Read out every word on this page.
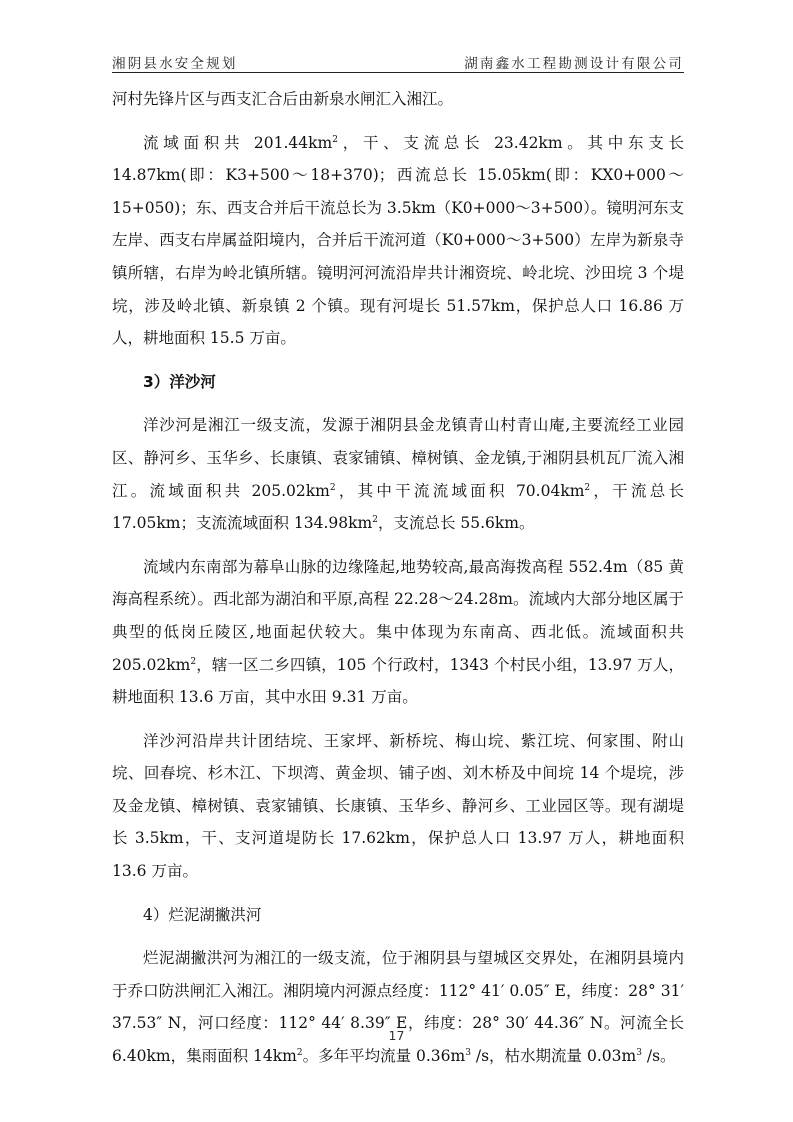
湘阴县水安全规划	湖南鑫水工程勘测设计有限公司

河村先锋片区与西支汇合后由新泉水闸汇入湘江。

流域面积共 $201.44km^2$，干、支流总长 23.42km。其中东支长 14.87km(即：K3+500～18+370)；西流总长 15.05km(即：KX0+000～15+050)；东、西支合并后干流总长为 3.5km（K0+000～3+500）。镜明河东支左岸、西支右岸属益阳境内，合并后干流河道（K0+000～3+500）左岸为新泉寺镇所辖，右岸为岭北镇所辖。镜明河河流沿岸共计湘资垸、岭北垸、沙田垸 3 个堤垸，涉及岭北镇、新泉镇 2 个镇。现有河堤长 51.57km，保护总人口 16.86 万人，耕地面积 15.5 万亩。

3）洋沙河

洋沙河是湘江一级支流，发源于湘阴县金龙镇青山村青山庵,主要流经工业园区、静河乡、玉华乡、长康镇、袁家铺镇、樟树镇、金龙镇,于湘阴县机瓦厂流入湘江。流域面积共 $205.02km^2$，其中干流流域面积 $70.04km^2$，干流总长 17.05km；支流流域面积 $134.98km^2$，支流总长 55.6km。

流域内东南部为幕阜山脉的边缘隆起,地势较高,最高海拨高程 552.4m（85 黄海高程系统）。西北部为湖泊和平原,高程 22.28～24.28m。流域内大部分地区属于典型的低岗丘陵区,地面起伏较大。集中体现为东南高、西北低。流域面积共 $205.02km^2$，辖一区二乡四镇，105 个行政村，1343 个村民小组，13.97 万人，耕地面积 13.6 万亩，其中水田 9.31 万亩。

洋沙河沿岸共计团结垸、王家坪、新桥垸、梅山垸、紫江垸、何家围、附山垸、回春垸、杉木江、下坝湾、黄金坝、铺子凼、刘木桥及中间垸 14 个堤垸，涉及金龙镇、樟树镇、袁家铺镇、长康镇、玉华乡、静河乡、工业园区等。现有湖堤长 3.5km，干、支河道堤防长 17.62km，保护总人口 13.97 万人，耕地面积 13.6 万亩。

4）烂泥湖撇洪河

烂泥湖撇洪河为湘江的一级支流，位于湘阴县与望城区交界处，在湘阴县境内于乔口防洪闸汇入湘江。湘阴境内河源点经度：112° 41′ 0.05″ E，纬度：28° 31′ 37.53″ N，河口经度：112° 44′ 8.39″ E，纬度：28° 30′ 44.36″ N。河流全长 6.40km，集雨面积 $14km^2$。多年平均流量 $0.36m^3$ /s，枯水期流量 $0.03m^3$ /s。

17
